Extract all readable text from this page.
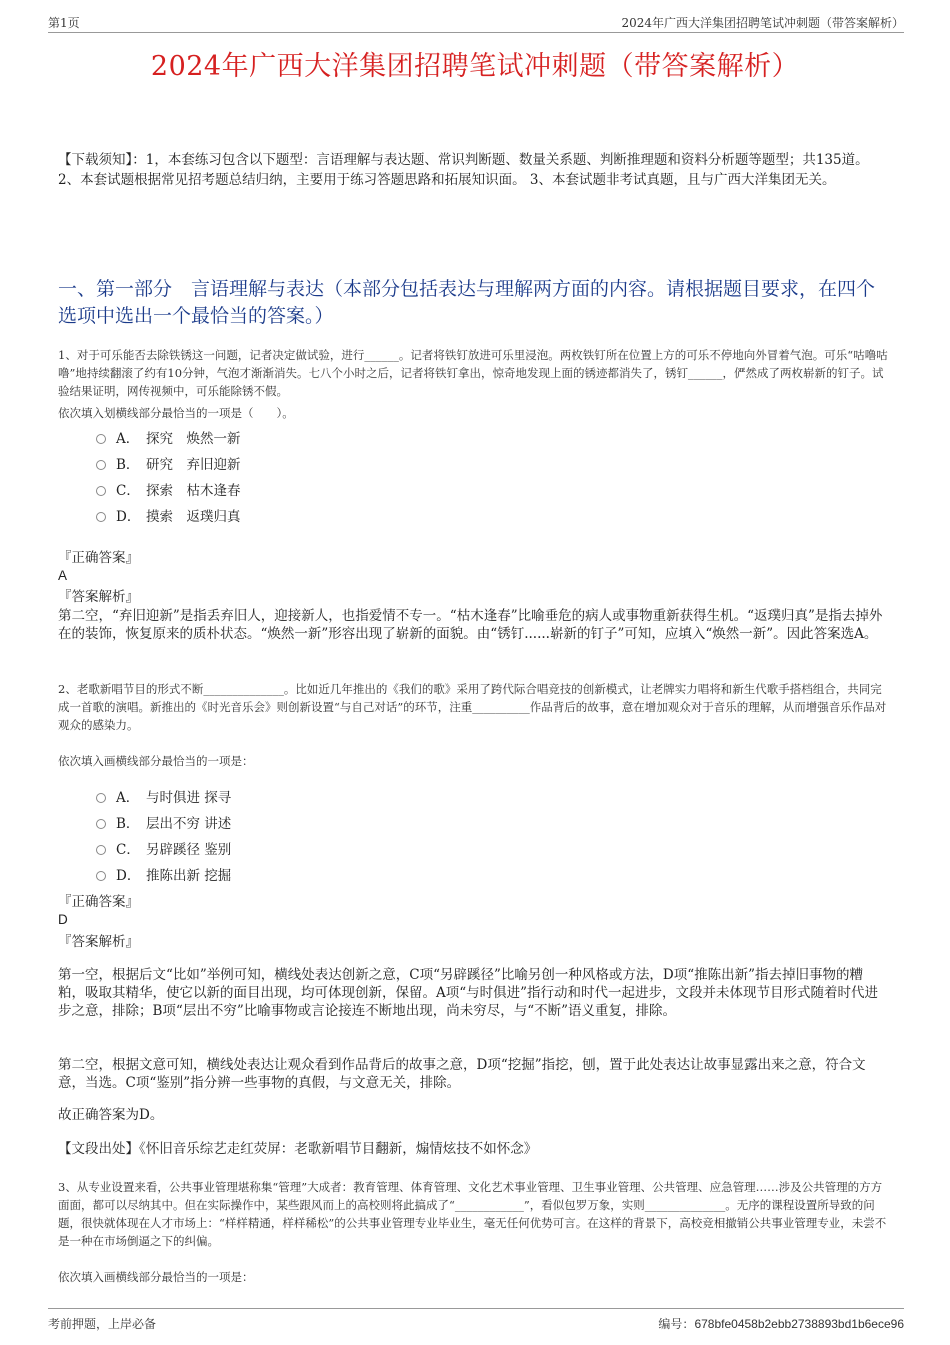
第1页	2024年广西大洋集团招聘笔试冲刺题（带答案解析）
2024年广西大洋集团招聘笔试冲刺题（带答案解析）
【下载须知】：1，本套练习包含以下题型：言语理解与表达题、常识判断题、数量关系题、判断推理题和资料分析题等题型；共135道。 2、本套试题根据常见招考题总结归纳，主要用于练习答题思路和拓展知识面。 3、本套试题非考试真题，且与广西大洋集团无关。
一、第一部分　言语理解与表达（本部分包括表达与理解两方面的内容。请根据题目要求，在四个选项中选出一个最恰当的答案。）
1、对于可乐能否去除铁锈这一问题，记者决定做试验，进行______。记者将铁钉放进可乐里浸泡。两枚铁钉所在位置上方的可乐不停地向外冒着气泡。可乐“咕噜咕噜”地持续翻滚了约有10分钟，气泡才渐渐消失。七八个小时之后，记者将铁钉拿出，惊奇地发现上面的锈迹都消失了，锈钉______，俨然成了两枚崭新的钉子。试验结果证明，网传视频中，可乐能除锈不假。
依次填入划横线部分最恰当的一项是（　　）。
A． 探究　焕然一新
B． 研究　弃旧迎新
C． 探索　枯木逢春
D． 摸索　返璞归真
『正确答案』
A
『答案解析』
第二空，“弃旧迎新”是指丢弃旧人，迎接新人，也指爱情不专一。“枯木逢春”比喻垂危的病人或事物重新获得生机。“返璞归真”是指去掉外在的装饰，恢复原来的质朴状态。“焕然一新”形容出现了崭新的面貌。由“锈钉......崭新的钉子”可知，应填入“焕然一新”。因此答案选A。
2、老歌新唱节目的形式不断______________。比如近几年推出的《我们的歌》采用了跨代际合唱竞技的创新模式，让老牌实力唱将和新生代歌手搭档组合，共同完成一首歌的演唱。新推出的《时光音乐会》则创新设置“与自己对话”的环节，注重__________作品背后的故事，意在增加观众对于音乐的理解，从而增强音乐作品对观众的感染力。
依次填入画横线部分最恰当的一项是：
A． 与时俱进 探寻
B． 层出不穷 讲述
C． 另辟蹊径 鉴别
D． 推陈出新 挖掘
『正确答案』
D
『答案解析』
第一空，根据后文“比如”举例可知，横线处表达创新之意，C项“另辟蹊径”比喻另创一种风格或方法，D项“推陈出新”指去掉旧事物的糟粕，吸取其精华，使它以新的面目出现，均可体现创新，保留。A项“与时俱进”指行动和时代一起进步，文段并未体现节目形式随着时代进步之意，排除；B项“层出不穷”比喻事物或言论接连不断地出现，尚未穷尽，与“不断”语义重复，排除。
第二空，根据文意可知，横线处表达让观众看到作品背后的故事之意，D项“挖掘”指挖，刨，置于此处表达让故事显露出来之意，符合文意，当选。C项“鉴别”指分辨一些事物的真假，与文意无关，排除。
故正确答案为D。
【文段出处】《怀旧音乐综艺走红荧屏：老歌新唱节目翻新，煽情炫技不如怀念》
3、从专业设置来看，公共事业管理堪称集“管理”大成者：教育管理、体育管理、文化艺术事业管理、卫生事业管理、公共管理、应急管理……涉及公共管理的方方面面，都可以尽纳其中。但在实际操作中，某些跟风而上的高校则将此搞成了“____________”，看似包罗万象，实则______________。无序的课程设置所导致的问题，很快就体现在人才市场上：“样样精通，样样稀松”的公共事业管理专业毕业生，毫无任何优势可言。在这样的背景下，高校竞相撤销公共事业管理专业，未尝不是一种在市场倒逼之下的纠偏。
依次填入画横线部分最恰当的一项是：
考前押题，上岸必备	编号：678bfe0458b2ebb2738893bd1b6ece96
